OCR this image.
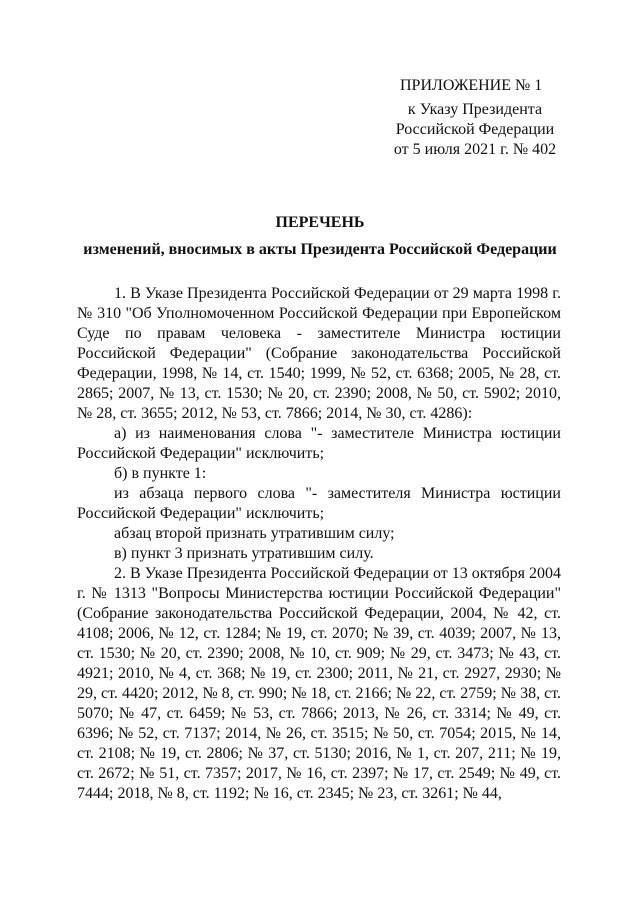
ПРИЛОЖЕНИЕ № 1
к Указу Президента
Российской Федерации
от 5 июля 2021 г. № 402
ПЕРЕЧЕНЬ
изменений, вносимых в акты Президента Российской Федерации

1. В Указе Президента Российской Федерации от 29 марта 1998 г. № 310 "Об Уполномоченном Российской Федерации при Европейском Суде по правам человека - заместителе Министра юстиции Российской Федерации" (Собрание законодательства Российской Федерации, 1998, № 14, ст. 1540; 1999, № 52, ст. 6368; 2005, № 28, ст. 2865; 2007, № 13, ст. 1530; № 20, ст. 2390; 2008, № 50, ст. 5902; 2010, № 28, ст. 3655; 2012, № 53, ст. 7866; 2014, № 30, ст. 4286):

а) из наименования слова "- заместителе Министра юстиции Российской Федерации" исключить;

б) в пункте 1:

из абзаца первого слова "- заместителя Министра юстиции Российской Федерации" исключить;

абзац второй признать утратившим силу;

в) пункт 3 признать утратившим силу.

2. В Указе Президента Российской Федерации от 13 октября 2004 г. № 1313 "Вопросы Министерства юстиции Российской Федерации" (Собрание законодательства Российской Федерации, 2004, № 42, ст. 4108; 2006, № 12, ст. 1284; № 19, ст. 2070; № 39, ст. 4039; 2007, № 13, ст. 1530; № 20, ст. 2390; 2008, № 10, ст. 909; № 29, ст. 3473; № 43, ст. 4921; 2010, № 4, ст. 368; № 19, ст. 2300; 2011, № 21, ст. 2927, 2930; № 29, ст. 4420; 2012, № 8, ст. 990; № 18, ст. 2166; № 22, ст. 2759; № 38, ст. 5070; № 47, ст. 6459; № 53, ст. 7866; 2013, № 26, ст. 3314; № 49, ст. 6396; № 52, ст. 7137; 2014, № 26, ст. 3515; № 50, ст. 7054; 2015, № 14, ст. 2108; № 19, ст. 2806; № 37, ст. 5130; 2016, № 1, ст. 207, 211; № 19, ст. 2672; № 51, ст. 7357; 2017, № 16, ст. 2397; № 17, ст. 2549; № 49, ст. 7444; 2018, № 8, ст. 1192; № 16, ст. 2345; № 23, ст. 3261; № 44,
